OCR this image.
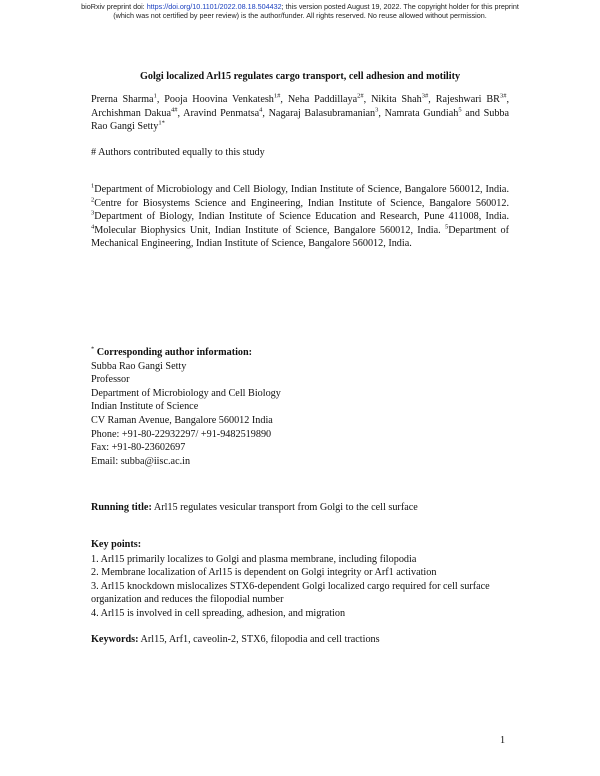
bioRxiv preprint doi: https://doi.org/10.1101/2022.08.18.504432; this version posted August 19, 2022. The copyright holder for this preprint
(which was not certified by peer review) is the author/funder. All rights reserved. No reuse allowed without permission.
Golgi localized Arl15 regulates cargo transport, cell adhesion and motility
Prerna Sharma$^1$, Pooja Hoovina Venkatesh$^{1\#}$, Neha Paddillaya$^{2\#}$, Nikita Shah$^{3\#}$, Rajeshwari $BR^{3\#}$, Archishman Dakua$^{4\#}$, Aravind Penmatsa$^4$, Nagaraj Balasubramanian$^3$, Namrata Gundiah$^5$ and Subba Rao Gangi Setty$^{1*}$
# Authors contributed equally to this study
$^1$Department of Microbiology and Cell Biology, Indian Institute of Science, Bangalore 560012, India. $^2$Centre for Biosystems Science and Engineering, Indian Institute of Science, Bangalore 560012. $^3$Department of Biology, Indian Institute of Science Education and Research, Pune 411008, India. $^4$Molecular Biophysics Unit, Indian Institute of Science, Bangalore 560012, India. $^5$Department of Mechanical Engineering, Indian Institute of Science, Bangalore 560012, India.
* Corresponding author information:
Subba Rao Gangi Setty
Professor
Department of Microbiology and Cell Biology
Indian Institute of Science
CV Raman Avenue, Bangalore 560012 India
Phone: +91-80-22932297/ +91-9482519890
Fax: +91-80-23602697
Email: subba@iisc.ac.in
Running title: Arl15 regulates vesicular transport from Golgi to the cell surface
Key points:
1. Arl15 primarily localizes to Golgi and plasma membrane, including filopodia
2. Membrane localization of Arl15 is dependent on Golgi integrity or Arf1 activation
3. Arl15 knockdown mislocalizes STX6-dependent Golgi localized cargo required for cell surface organization and reduces the filopodial number
4. Arl15 is involved in cell spreading, adhesion, and migration
Keywords: Arl15, Arf1, caveolin-2, STX6, filopodia and cell tractions
1
